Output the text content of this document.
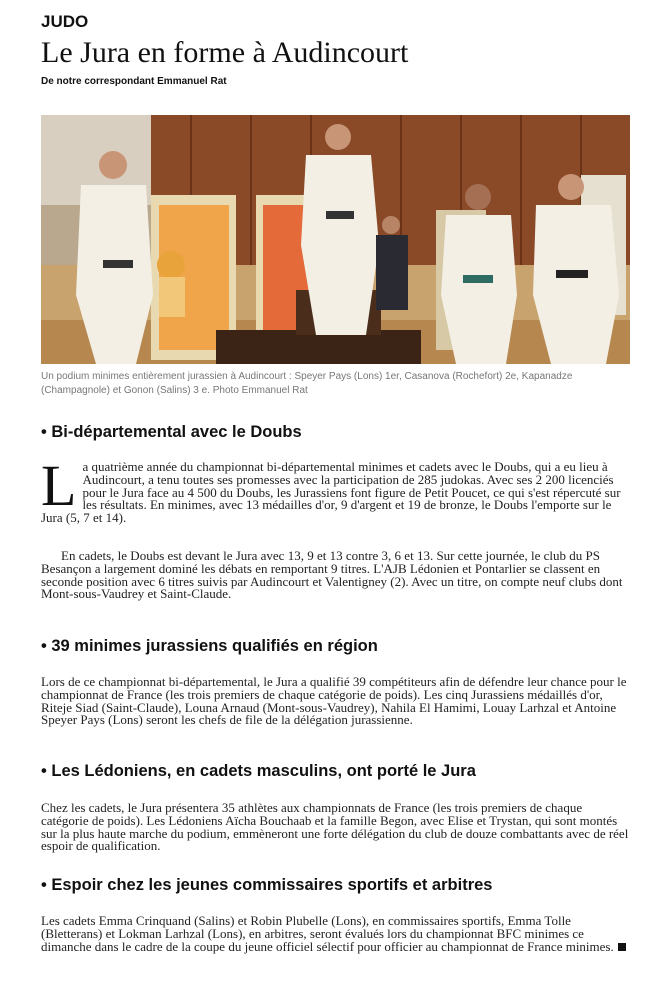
JUDO
Le Jura en forme à Audincourt
De notre correspondant Emmanuel Rat
Un podium minimes entièrement jurassien à Audincourt : Speyer Pays (Lons) 1er, Casanova (Rochefort) 2e, Kapanadze (Champagnole) et Gonon (Salins) 3 e. Photo Emmanuel Rat
• Bi-départemental avec le Doubs

La quatrième année du championnat bi-départemental minimes et cadets avec le Doubs, qui a eu lieu à Audincourt, a tenu toutes ses promesses avec la participation de 285 judokas. Avec ses 2 200 licenciés pour le Jura face au 4 500 du Doubs, les Jurassiens font figure de Petit Poucet, ce qui s'est répercuté sur les résultats. En minimes, avec 13 médailles d'or, 9 d'argent et 19 de bronze, le Doubs l'emporte sur le Jura (5, 7 et 14).

En cadets, le Doubs est devant le Jura avec 13, 9 et 13 contre 3, 6 et 13. Sur cette journée, le club du PS Besançon a largement dominé les débats en remportant 9 titres. L'AJB Lédonien et Pontarlier se classent en seconde position avec 6 titres suivis par Audincourt et Valentigney (2). Avec un titre, on compte neuf clubs dont Mont-sous-Vaudrey et Saint-Claude.

• 39 minimes jurassiens qualifiés en région

Lors de ce championnat bi-départemental, le Jura a qualifié 39 compétiteurs afin de défendre leur chance pour le championnat de France (les trois premiers de chaque catégorie de poids). Les cinq Jurassiens médaillés d'or, Riteje Siad (Saint-Claude), Louna Arnaud (Mont-sous-Vaudrey), Nahila El Hamimi, Louay Larhzal et Antoine Speyer Pays (Lons) seront les chefs de file de la délégation jurassienne.

• Les Lédoniens, en cadets masculins, ont porté le Jura

Chez les cadets, le Jura présentera 35 athlètes aux championnats de France (les trois premiers de chaque catégorie de poids). Les Lédoniens Aïcha Bouchaab et la famille Begon, avec Elise et Trystan, qui sont montés sur la plus haute marche du podium, emmèneront une forte délégation du club de douze combattants avec de réel espoir de qualification.

• Espoir chez les jeunes commissaires sportifs et arbitres

Les cadets Emma Crinquand (Salins) et Robin Plubelle (Lons), en commissaires sportifs, Emma Tolle (Bletterans) et Lokman Larhzal (Lons), en arbitres, seront évalués lors du championnat BFC minimes ce dimanche dans le cadre de la coupe du jeune officiel sélectif pour officier au championnat de France minimes.
